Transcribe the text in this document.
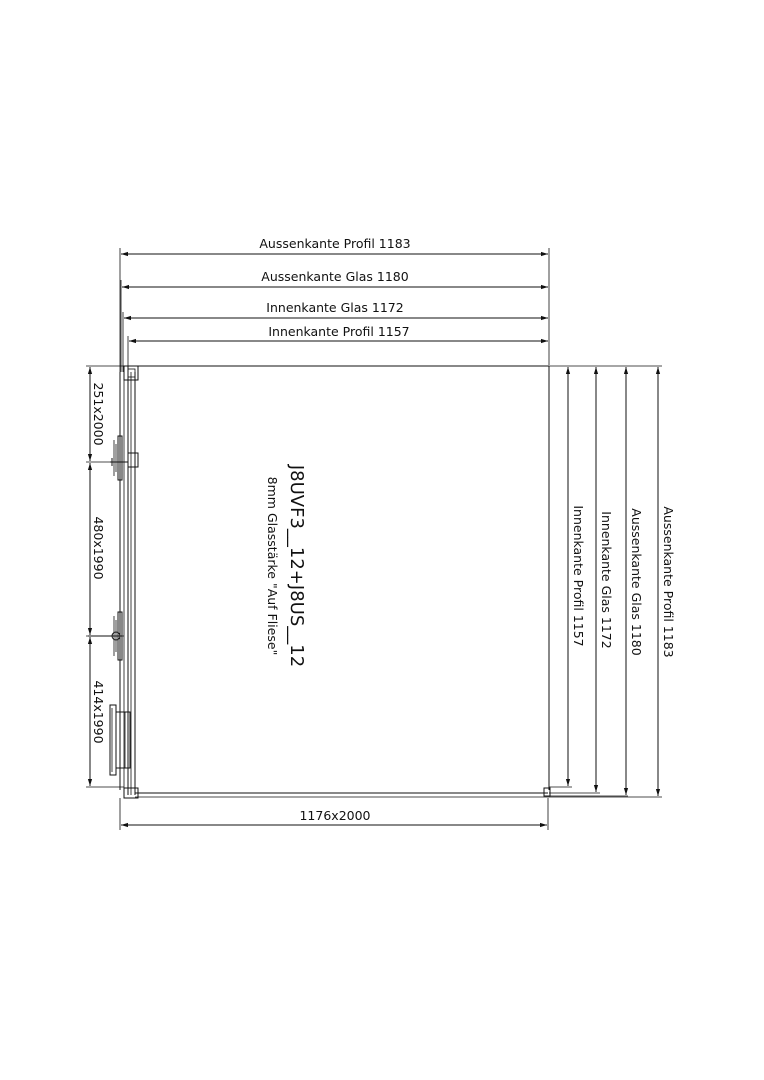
Aussenkante Profil 1183
Aussenkante Glas 1180
Innenkante Glas 1172
Innenkante Profil 1157
251x2000
480x1990
414x1990
Innenkante Profil 1157 Innenkante Glas 1172 Aussenkante Glas 1180 Aussenkante Profil 1183
1176x2000
J8UVF3__12+J8US__12
8mm Glasstärke "Auf Fliese"
